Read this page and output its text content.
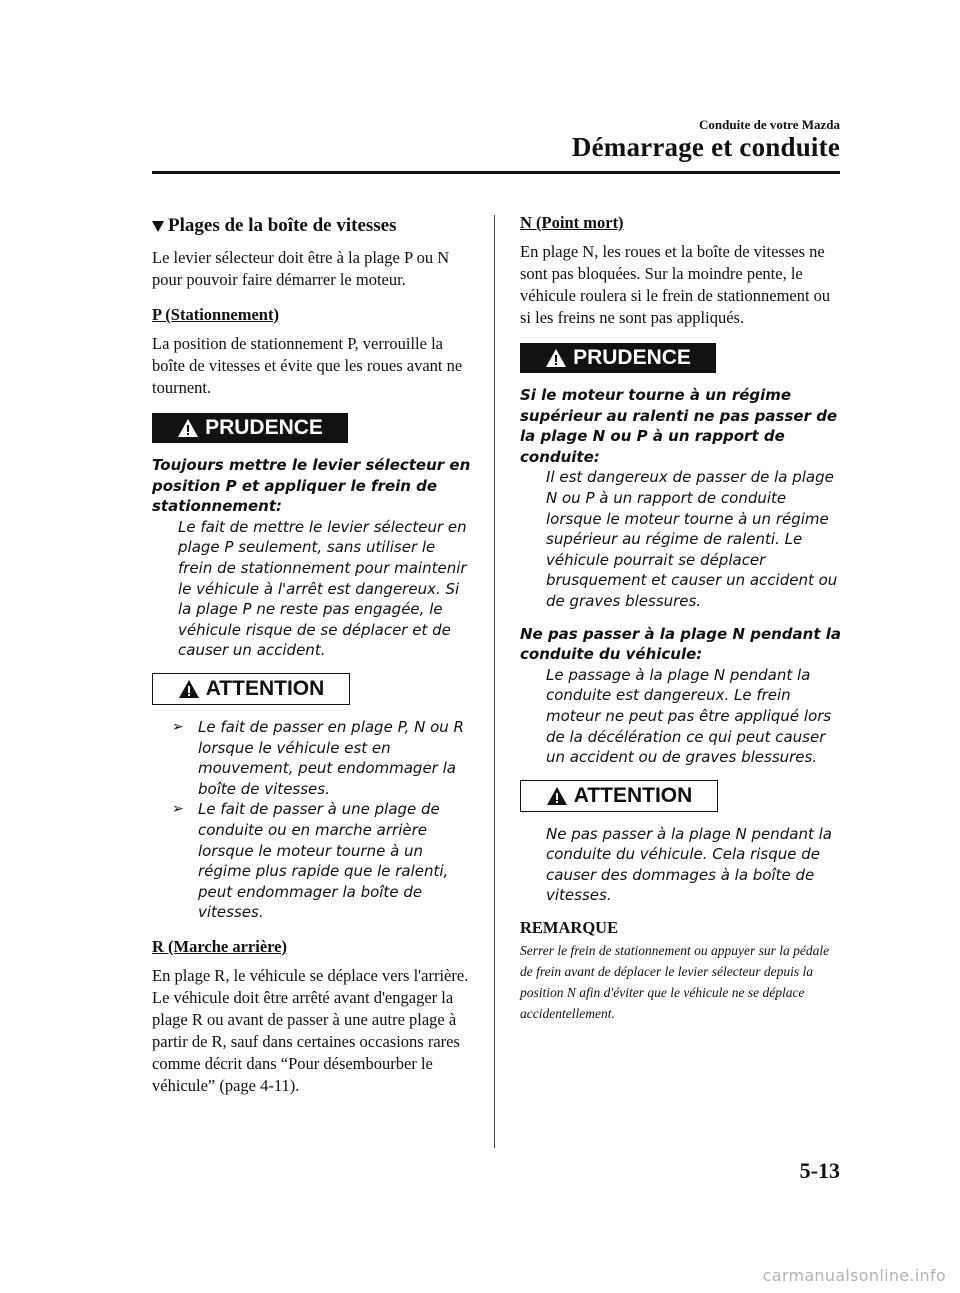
Conduite de votre Mazda
Démarrage et conduite
Plages de la boîte de vitesses

Le levier sélecteur doit être à la plage P ou N pour pouvoir faire démarrer le moteur.

P (Stationnement)

La position de stationnement P, verrouille la boîte de vitesses et évite que les roues avant ne tournent.

PRUDENCE

Toujours mettre le levier sélecteur en position P et appliquer le frein de stationnement:

Le fait de mettre le levier sélecteur en plage P seulement, sans utiliser le frein de stationnement pour maintenir le véhicule à l'arrêt est dangereux. Si la plage P ne reste pas engagée, le véhicule risque de se déplacer et de causer un accident.

ATTENTION
➢ Le fait de passer en plage P, N ou R lorsque le véhicule est en mouvement, peut endommager la boîte de vitesses.
➢ Le fait de passer à une plage de conduite ou en marche arrière lorsque le moteur tourne à un régime plus rapide que le ralenti, peut endommager la boîte de vitesses.

R (Marche arrière)

En plage R, le véhicule se déplace vers l'arrière. Le véhicule doit être arrêté avant d'engager la plage R ou avant de passer à une autre plage à partir de R, sauf dans certaines occasions rares comme décrit dans “Pour désembourber le véhicule” (page 4-11).

N (Point mort)

En plage N, les roues et la boîte de vitesses ne sont pas bloquées. Sur la moindre pente, le véhicule roulera si le frein de stationnement ou si les freins ne sont pas appliqués.

PRUDENCE

Si le moteur tourne à un régime supérieur au ralenti ne pas passer de la plage N ou P à un rapport de conduite:

Il est dangereux de passer de la plage N ou P à un rapport de conduite lorsque le moteur tourne à un régime supérieur au régime de ralenti. Le véhicule pourrait se déplacer brusquement et causer un accident ou de graves blessures.

Ne pas passer à la plage N pendant la conduite du véhicule:

Le passage à la plage N pendant la conduite est dangereux. Le frein moteur ne peut pas être appliqué lors de la décélération ce qui peut causer un accident ou de graves blessures.

ATTENTION

Ne pas passer à la plage N pendant la conduite du véhicule. Cela risque de causer des dommages à la boîte de vitesses.

REMARQUE

Serrer le frein de stationnement ou appuyer sur la pédale de frein avant de déplacer le levier sélecteur depuis la position N afin d'éviter que le véhicule ne se déplace accidentellement.

5-13
carmanualsonline.info
